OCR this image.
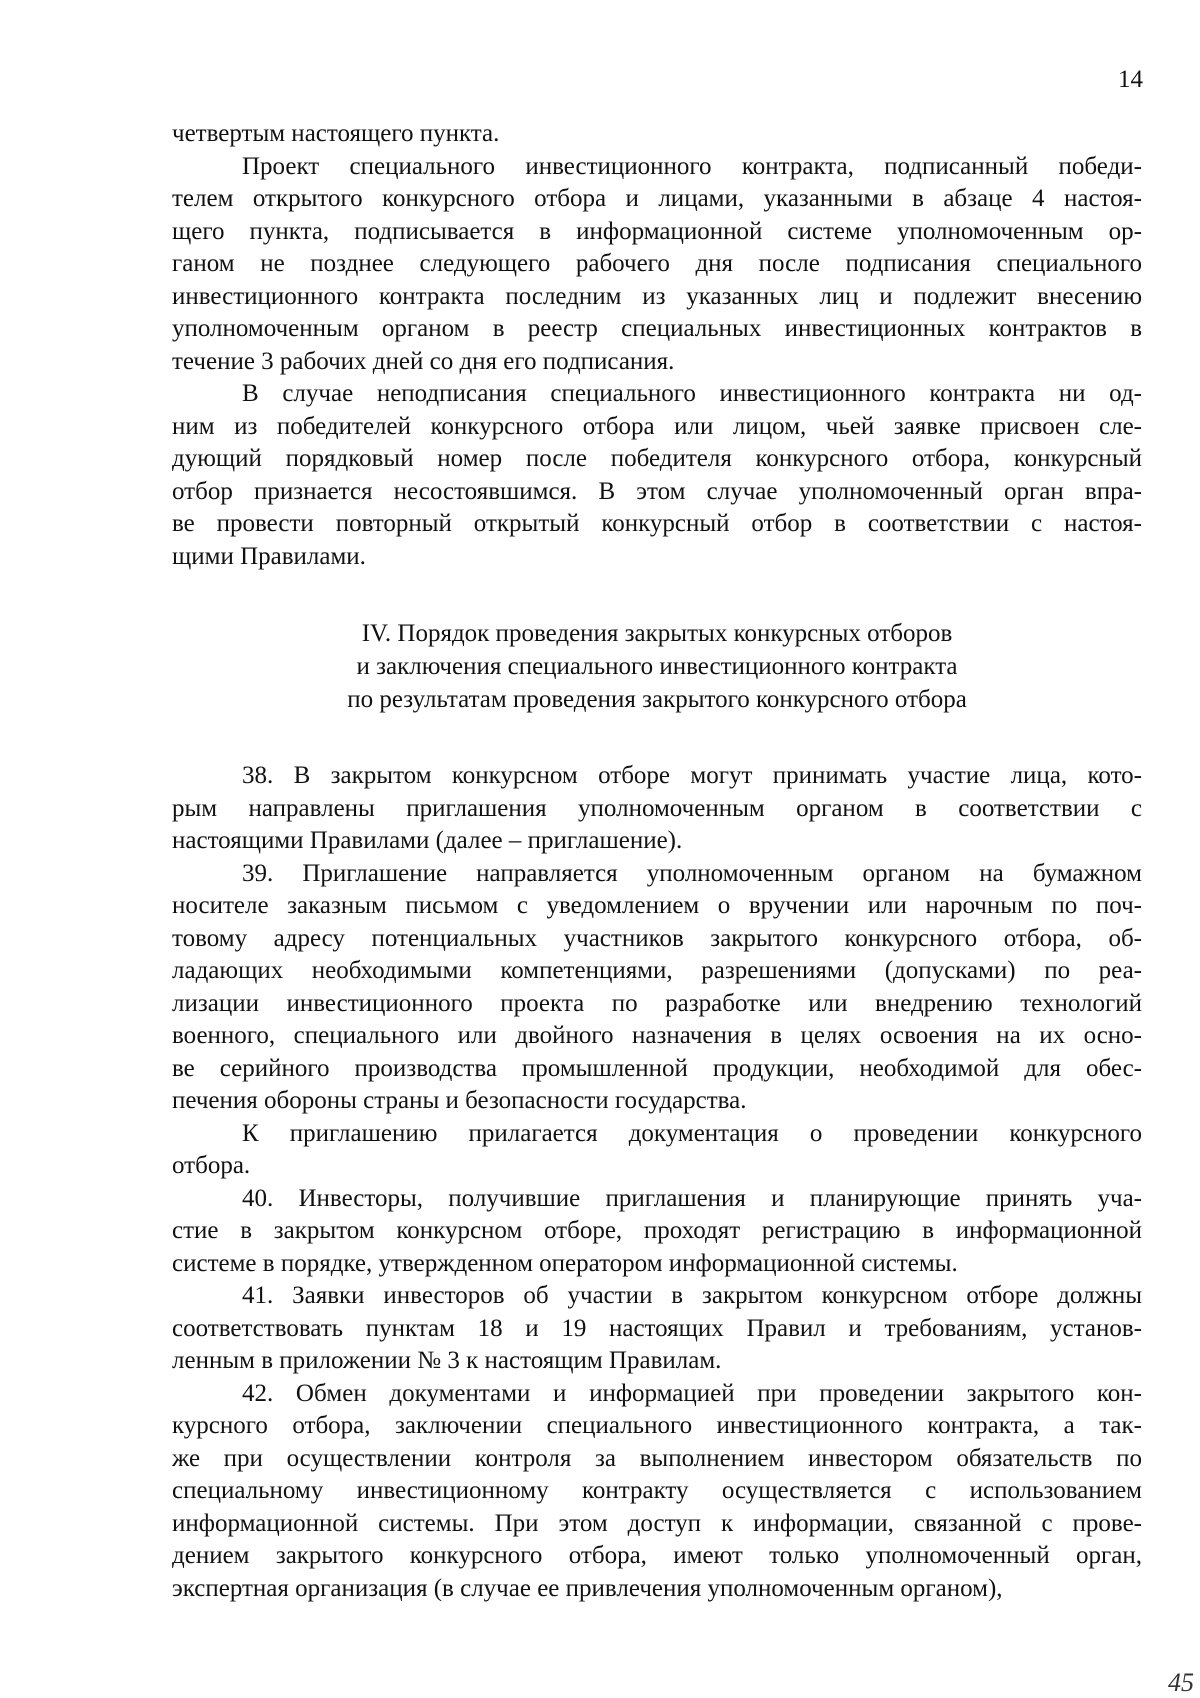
14
четвертым настоящего пункта.
Проект специального инвестиционного контракта, подписанный победи-
телем открытого конкурсного отбора и лицами, указанными в абзаце 4 настоя-
щего пункта, подписывается в информационной системе уполномоченным ор-
ганом не позднее следующего рабочего дня после подписания специального
инвестиционного контракта последним из указанных лиц и подлежит внесению
уполномоченным органом в реестр специальных инвестиционных контрактов в
течение 3 рабочих дней со дня его подписания.
В случае неподписания специального инвестиционного контракта ни од-
ним из победителей конкурсного отбора или лицом, чьей заявке присвоен сле-
дующий порядковый номер после победителя конкурсного отбора, конкурсный
отбор признается несостоявшимся. В этом случае уполномоченный орган впра-
ве провести повторный открытый конкурсный отбор в соответствии с настоя-
щими Правилами.
IV. Порядок проведения закрытых конкурсных отборов
и заключения специального инвестиционного контракта
по результатам проведения закрытого конкурсного отбора
38. В закрытом конкурсном отборе могут принимать участие лица, кото-
рым направлены приглашения уполномоченным органом в соответствии с
настоящими Правилами (далее – приглашение).
39. Приглашение направляется уполномоченным органом на бумажном
носителе заказным письмом с уведомлением о вручении или нарочным по поч-
товому адресу потенциальных участников закрытого конкурсного отбора, об-
ладающих необходимыми компетенциями, разрешениями (допусками) по реа-
лизации инвестиционного проекта по разработке или внедрению технологий
военного, специального или двойного назначения в целях освоения на их осно-
ве серийного производства промышленной продукции, необходимой для обес-
печения обороны страны и безопасности государства.
К приглашению прилагается документация о проведении конкурсного
отбора.
40. Инвесторы, получившие приглашения и планирующие принять уча-
стие в закрытом конкурсном отборе, проходят регистрацию в информационной
системе в порядке, утвержденном оператором информационной системы.
41. Заявки инвесторов об участии в закрытом конкурсном отборе должны
соответствовать пунктам 18 и 19 настоящих Правил и требованиям, установ-
ленным в приложении № 3 к настоящим Правилам.
42. Обмен документами и информацией при проведении закрытого кон-
курсного отбора, заключении специального инвестиционного контракта, а так-
же при осуществлении контроля за выполнением инвестором обязательств по
специальному инвестиционному контракту осуществляется с использованием
информационной системы. При этом доступ к информации, связанной с прове-
дением закрытого конкурсного отбора, имеют только уполномоченный орган,
экспертная организация (в случае ее привлечения уполномоченным органом),
45
